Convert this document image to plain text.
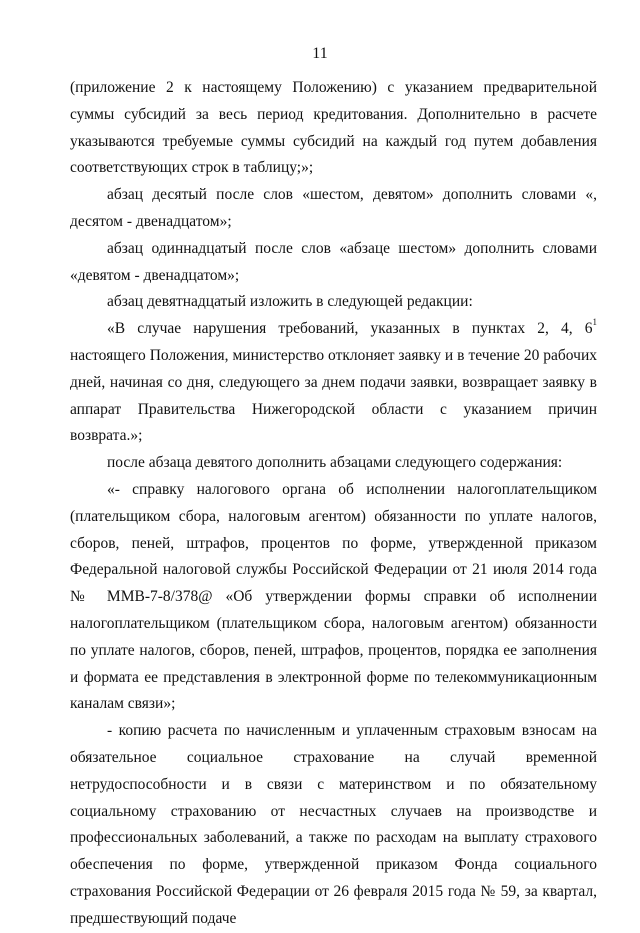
11

(приложение 2 к настоящему Положению) с указанием предварительной суммы субсидий за весь период кредитования. Дополнительно в расчете указываются требуемые суммы субсидий на каждый год путем добавления соответствующих строк в таблицу;»;

абзац десятый после слов «шестом, девятом» дополнить словами «, десятом - двенадцатом»;

абзац одиннадцатый после слов «абзаце шестом» дополнить словами «девятом - двенадцатом»;

абзац девятнадцатый изложить в следующей редакции:

«В случае нарушения требований, указанных в пунктах 2, 4, $6^1$ настоящего Положения, министерство отклоняет заявку и в течение 20 рабочих дней, начиная со дня, следующего за днем подачи заявки, возвращает заявку в аппарат Правительства Нижегородской области с указанием причин возврата.»;

после абзаца девятого дополнить абзацами следующего содержания:

«- справку налогового органа об исполнении налогоплательщиком (плательщиком сбора, налоговым агентом) обязанности по уплате налогов, сборов, пеней, штрафов, процентов по форме, утвержденной приказом Федеральной налоговой службы Российской Федерации от 21 июля 2014 года № ММВ-7-8/378@ «Об утверждении формы справки об исполнении налогоплательщиком (плательщиком сбора, налоговым агентом) обязанности по уплате налогов, сборов, пеней, штрафов, процентов, порядка ее заполнения и формата ее представления в электронной форме по телекоммуникационным каналам связи»;

- копию расчета по начисленным и уплаченным страховым взносам на обязательное социальное страхование на случай временной нетрудоспособности и в связи с материнством и по обязательному социальному страхованию от несчастных случаев на производстве и профессиональных заболеваний, а также по расходам на выплату страхового обеспечения по форме, утвержденной приказом Фонда социального страхования Российской Федерации от 26 февраля 2015 года № 59, за квартал, предшествующий подаче
